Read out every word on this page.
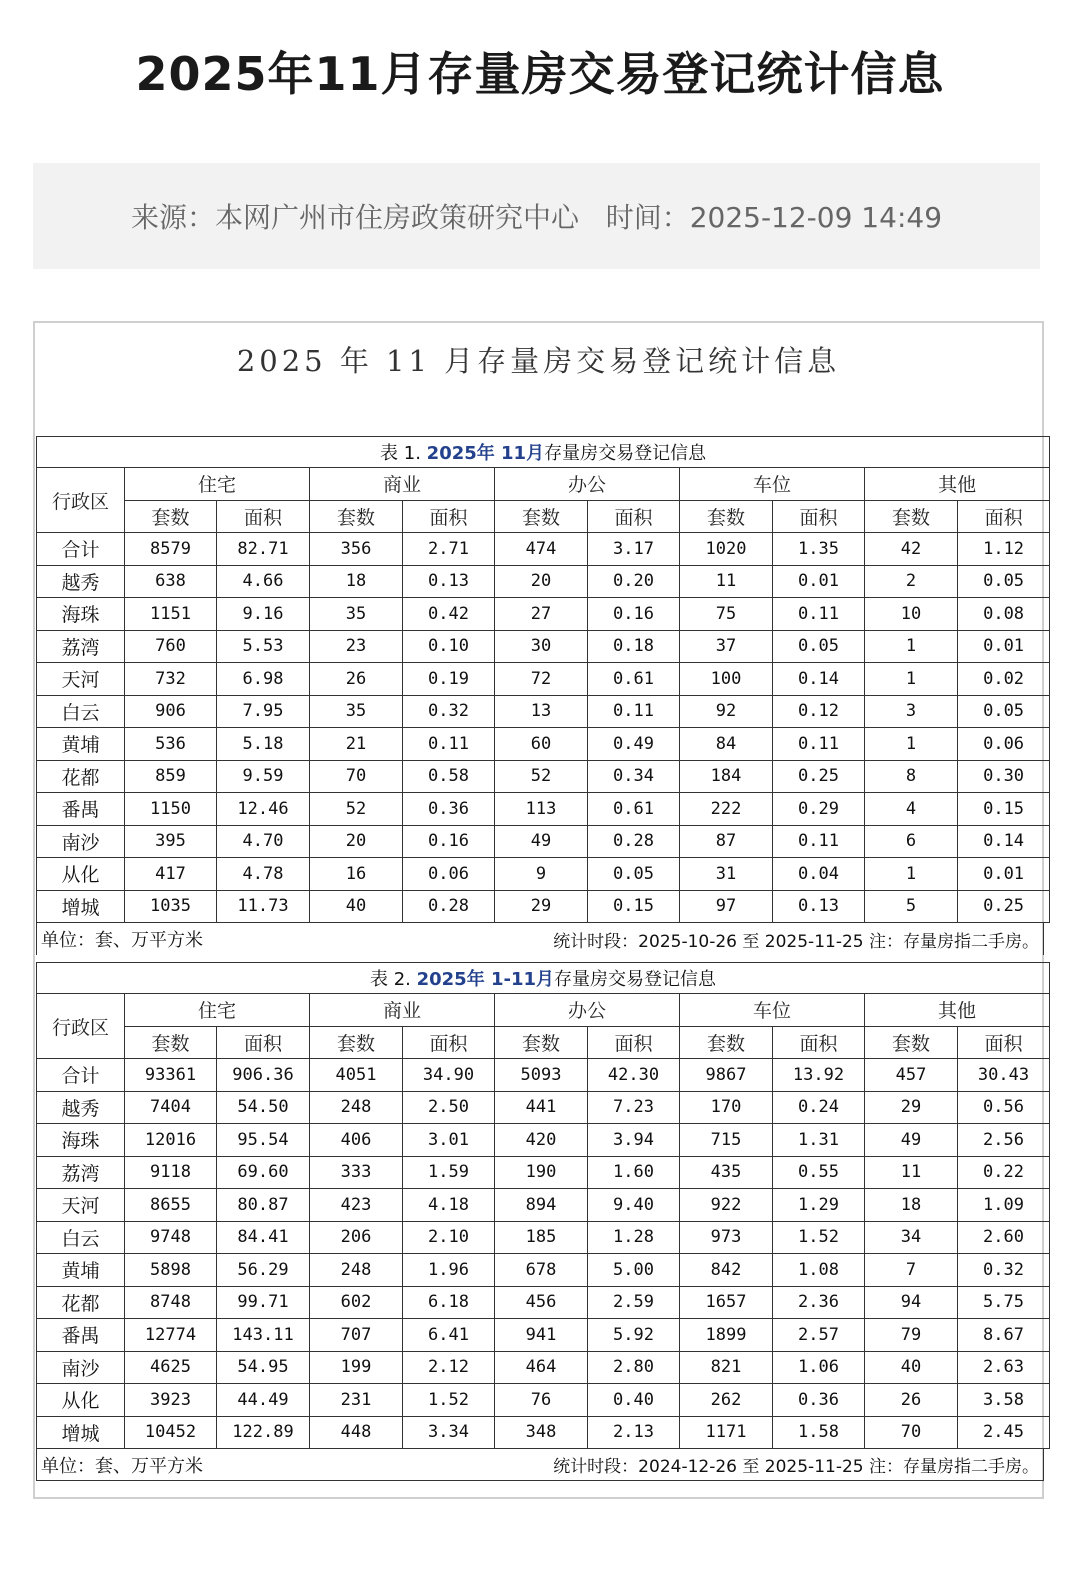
2025年11月存量房交易登记统计信息
来源：本网广州市住房政策研究中心
时间：2025-12-09 14:49
2025 年 11 月存量房交易登记统计信息
表 1. 2025年 11月存量房交易登记信息										
行政区	住宅		商业		办公		车位		其他	
	套数	面积	套数	面积	套数	面积	套数	面积	套数	面积
合计	8579	82.71	356	2.71	474	3.17	1020	1.35	42	1.12
越秀	638	4.66	18	0.13	20	0.20	11	0.01	2	0.05
海珠	1151	9.16	35	0.42	27	0.16	75	0.11	10	0.08
荔湾	760	5.53	23	0.10	30	0.18	37	0.05	1	0.01
天河	732	6.98	26	0.19	72	0.61	100	0.14	1	0.02
白云	906	7.95	35	0.32	13	0.11	92	0.12	3	0.05
黄埔	536	5.18	21	0.11	60	0.49	84	0.11	1	0.06
花都	859	9.59	70	0.58	52	0.34	184	0.25	8	0.30
番禺	1150	12.46	52	0.36	113	0.61	222	0.29	4	0.15
南沙	395	4.70	20	0.16	49	0.28	87	0.11	6	0.14
从化	417	4.78	16	0.06	9	0.05	31	0.04	1	0.01
增城	1035	11.73	40	0.28	29	0.15	97	0.13	5	0.25
单位：套、万平方米	统计时段：2025-10-26 至 2025-11-25 注：存量房指二手房。
表 2. 2025年 1-11月存量房交易登记信息										
行政区	住宅		商业		办公		车位		其他	
	套数	面积	套数	面积	套数	面积	套数	面积	套数	面积
合计	93361	906.36	4051	34.90	5093	42.30	9867	13.92	457	30.43
越秀	7404	54.50	248	2.50	441	7.23	170	0.24	29	0.56
海珠	12016	95.54	406	3.01	420	3.94	715	1.31	49	2.56
荔湾	9118	69.60	333	1.59	190	1.60	435	0.55	11	0.22
天河	8655	80.87	423	4.18	894	9.40	922	1.29	18	1.09
白云	9748	84.41	206	2.10	185	1.28	973	1.52	34	2.60
黄埔	5898	56.29	248	1.96	678	5.00	842	1.08	7	0.32
花都	8748	99.71	602	6.18	456	2.59	1657	2.36	94	5.75
番禺	12774	143.11	707	6.41	941	5.92	1899	2.57	79	8.67
南沙	4625	54.95	199	2.12	464	2.80	821	1.06	40	2.63
从化	3923	44.49	231	1.52	76	0.40	262	0.36	26	3.58
增城	10452	122.89	448	3.34	348	2.13	1171	1.58	70	2.45
单位：套、万平方米	统计时段：2024-12-26 至 2025-11-25 注：存量房指二手房。
